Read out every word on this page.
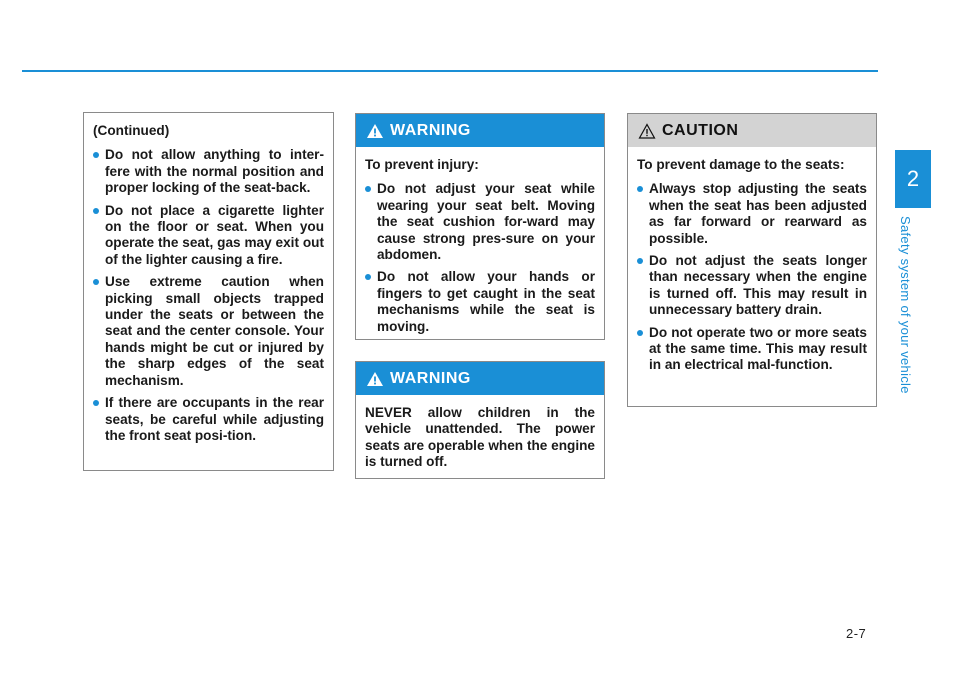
2
Safety system of your vehicle

(Continued)

Do not allow anything to inter-fere with the normal position and proper locking of the seat-back.
Do not place a cigarette lighter on the floor or seat. When you operate the seat, gas may exit out of the lighter causing a fire.
Use extreme caution when picking small objects trapped under the seats or between the seat and the center console. Your hands might be cut or injured by the sharp edges of the seat mechanism.
If there are occupants in the rear seats, be careful while adjusting the front seat posi-tion.
WARNING

To prevent injury:

Do not adjust your seat while wearing your seat belt. Moving the seat cushion for-ward may cause strong pres-sure on your abdomen.
Do not allow your hands or fingers to get caught in the seat mechanisms while the seat is moving.
WARNING

NEVER allow children in the vehicle unattended. The power seats are operable when the engine is turned off.

CAUTION

To prevent damage to the seats:

Always stop adjusting the seats when the seat has been adjusted as far forward or rearward as possible.
Do not adjust the seats longer than necessary when the engine is turned off. This may result in unnecessary battery drain.
Do not operate two or more seats at the same time. This may result in an electrical mal-function.
2-7
